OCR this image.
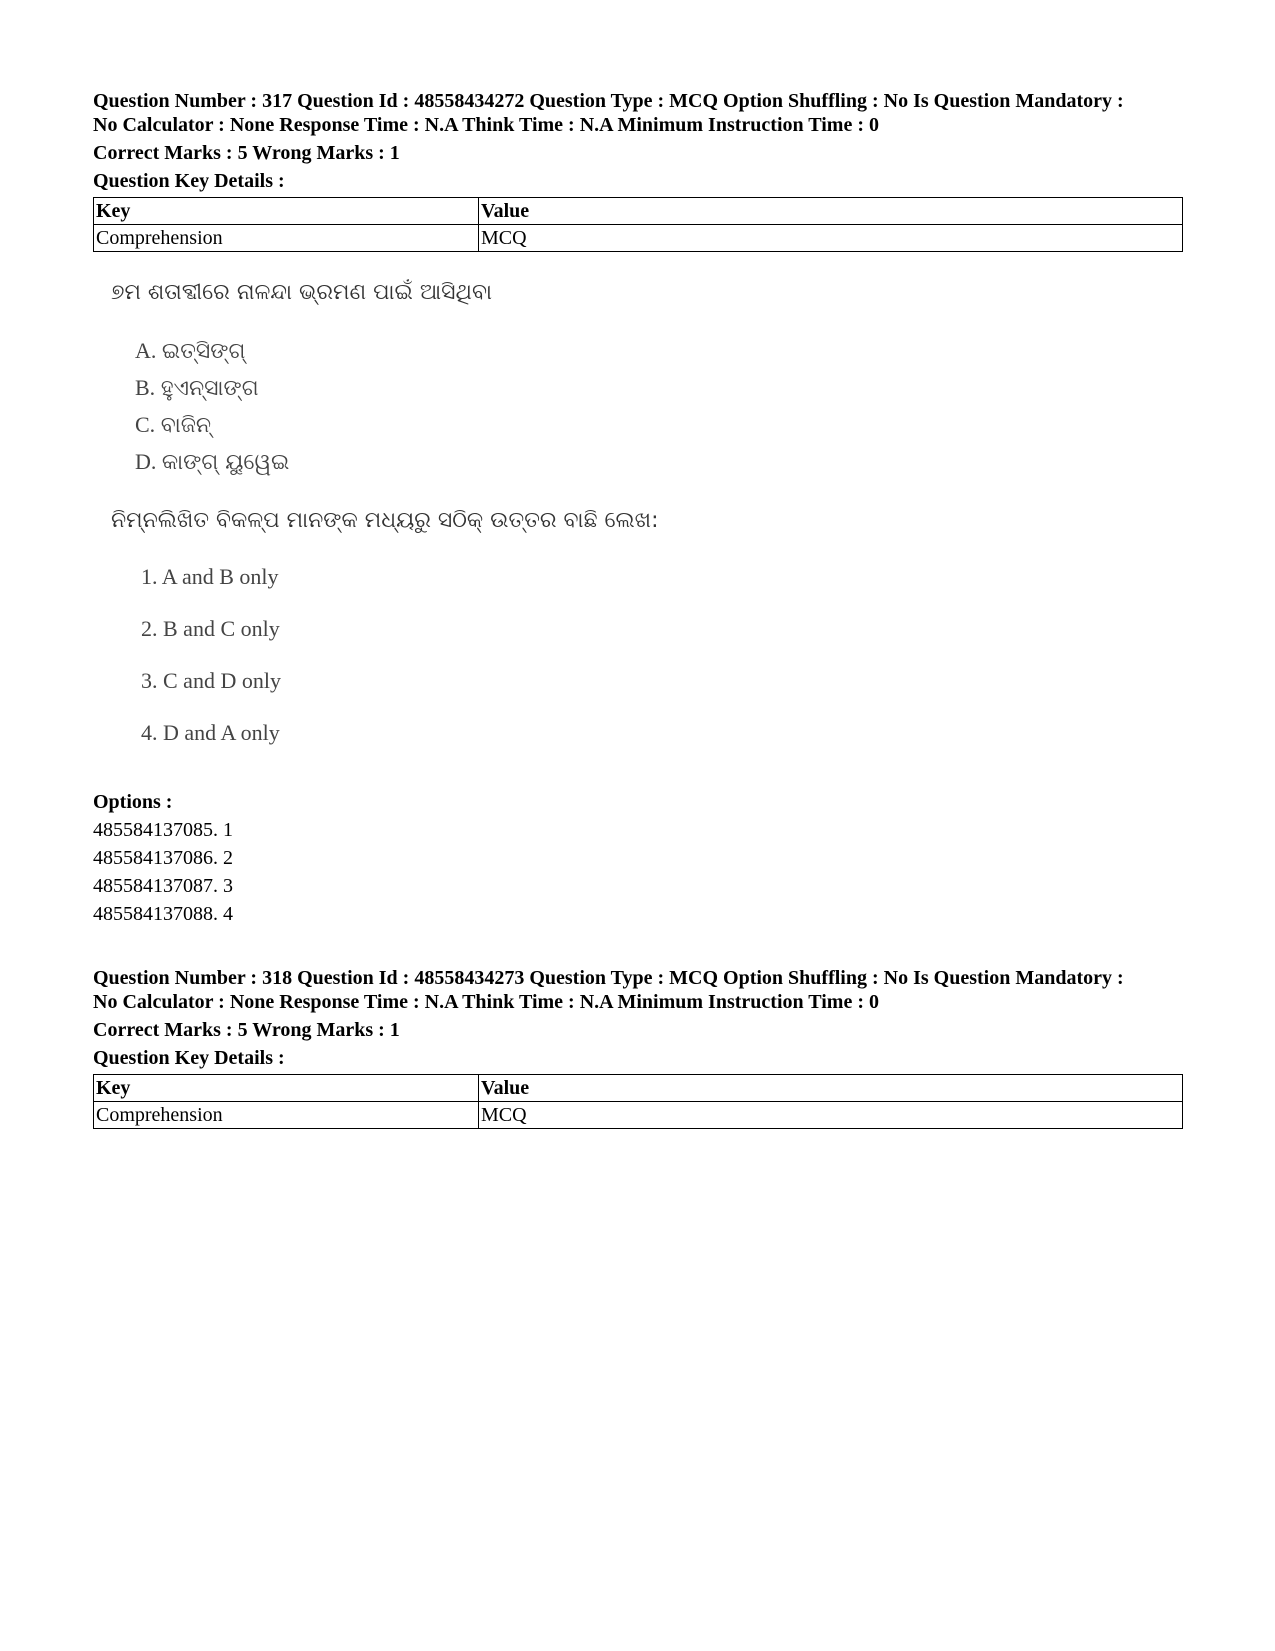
Question Number : 317 Question Id : 48558434272 Question Type : MCQ Option Shuffling : No Is Question Mandatory :
No Calculator : None Response Time : N.A Think Time : N.A Minimum Instruction Time : 0
Correct Marks : 5 Wrong Marks : 1
Question Key Details :
Key	Value
Comprehension	MCQ
୭ମ ଶତାବ୍ଦୀରେ ନାଳନ୍ଦା ଭ୍ରମଣ ପାଇଁ ଆସିଥିବା
A. ଇତ୍ସିଙ୍ଗ୍
B. ହୁଏନ୍‌ସାଙ୍ଗ
C. ବାଜିନ୍
D. କାଙ୍ଗ୍ ୟୁୱେଇ
ନିମ୍ନଲିଖିତ ବିକଳ୍ପ ମାନଙ୍କ ମଧ୍ୟରୁ ସଠିକ୍ ଉତ୍ତର ବାଛି ଲେଖ:
1. A and B only
2. B and C only
3. C and D only
4. D and A only
Options :
485584137085. 1
485584137086. 2
485584137087. 3
485584137088. 4
Question Number : 318 Question Id : 48558434273 Question Type : MCQ Option Shuffling : No Is Question Mandatory :
No Calculator : None Response Time : N.A Think Time : N.A Minimum Instruction Time : 0
Correct Marks : 5 Wrong Marks : 1
Question Key Details :
Key	Value
Comprehension	MCQ
